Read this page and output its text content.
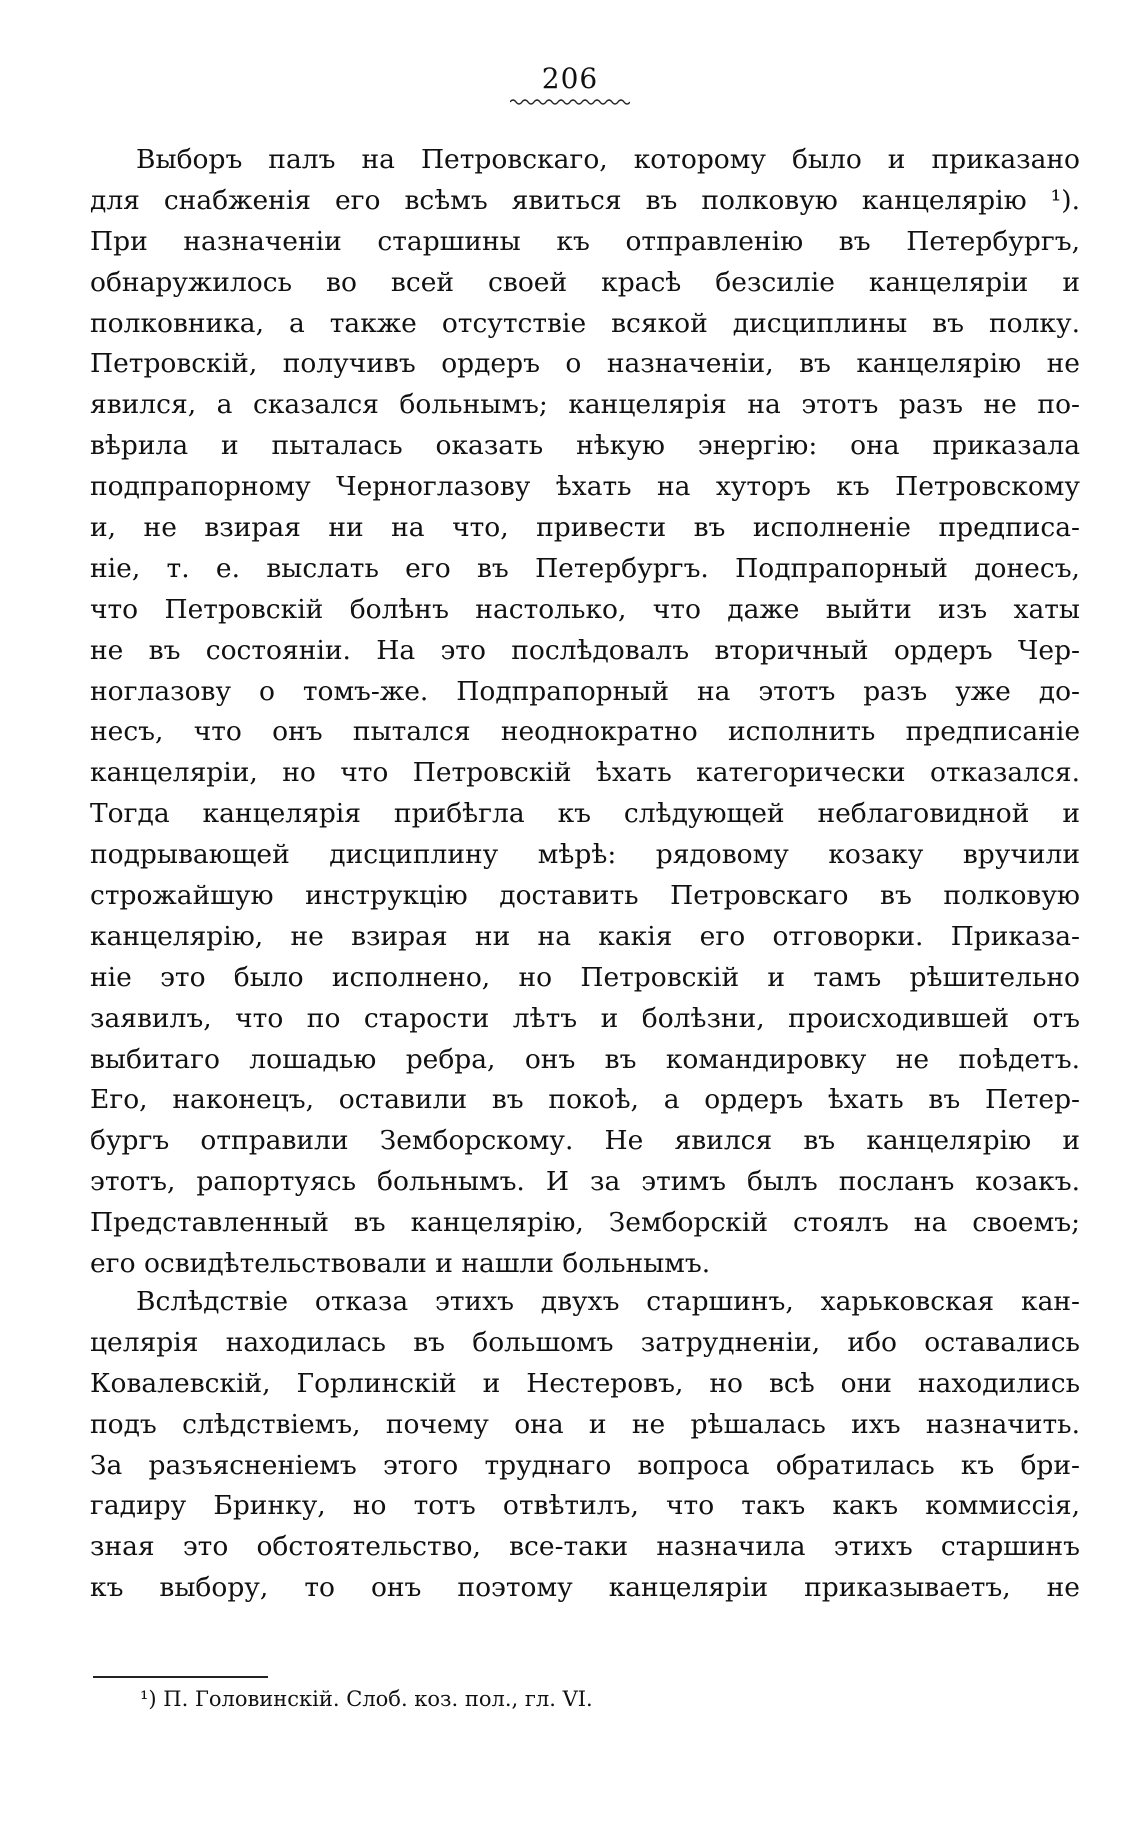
206
Выборъ палъ на Петровскаго, которому было и приказано
для снабженія его всѣмъ явиться въ полковую канцелярію ¹).
При назначеніи старшины къ отправленію въ Петербургъ,
обнаружилось во всей своей красѣ безсиліе канцеляріи и
полковника, а также отсутствіе всякой дисциплины въ полку.
Петровскій, получивъ ордеръ о назначеніи, въ канцелярію не
явился, а сказался больнымъ; канцелярія на этотъ разъ не по-
вѣрила и пыталась оказать нѣкую энергію: она приказала
подпрапорному Черноглазову ѣхать на хуторъ къ Петровскому
и, не взирая ни на что, привести въ исполненіе предписа-
ніе, т. е. выслать его въ Петербургъ. Подпрапорный донесъ,
что Петровскій болѣнъ настолько, что даже выйти изъ хаты
не въ состояніи. На это послѣдовалъ вторичный ордеръ Чер-
ноглазову о томъ-же. Подпрапорный на этотъ разъ уже до-
несъ, что онъ пытался неоднократно исполнить предписаніе
канцеляріи, но что Петровскій ѣхать категорически отказался.
Тогда канцелярія прибѣгла къ слѣдующей неблаговидной и
подрывающей дисциплину мѣрѣ: рядовому козаку вручили
строжайшую инструкцію доставить Петровскаго въ полковую
канцелярію, не взирая ни на какія его отговорки. Приказа-
ніе это было исполнено, но Петровскій и тамъ рѣшительно
заявилъ, что по старости лѣтъ и болѣзни, происходившей отъ
выбитаго лошадью ребра, онъ въ командировку не поѣдетъ.
Его, наконецъ, оставили въ покоѣ, а ордеръ ѣхать въ Петер-
бургъ отправили Земборскому. Не явился въ канцелярію и
этотъ, рапортуясь больнымъ. И за этимъ былъ посланъ козакъ.
Представленный въ канцелярію, Земборскій стоялъ на своемъ;
его освидѣтельствовали и нашли больнымъ.
Вслѣдствіе отказа этихъ двухъ старшинъ, харьковская кан-
целярія находилась въ большомъ затрудненіи, ибо оставались
Ковалевскій, Горлинскій и Нестеровъ, но всѣ они находились
подъ слѣдствіемъ, почему она и не рѣшалась ихъ назначить.
За разъясненіемъ этого труднаго вопроса обратилась къ бри-
гадиру Бринку, но тотъ отвѣтилъ, что такъ какъ коммиссія,
зная это обстоятельство, все-таки назначила этихъ старшинъ
къ выбору, то онъ поэтому канцеляріи приказываетъ, не
¹) П. Головинскій. Слоб. коз. пол., гл. VI.
